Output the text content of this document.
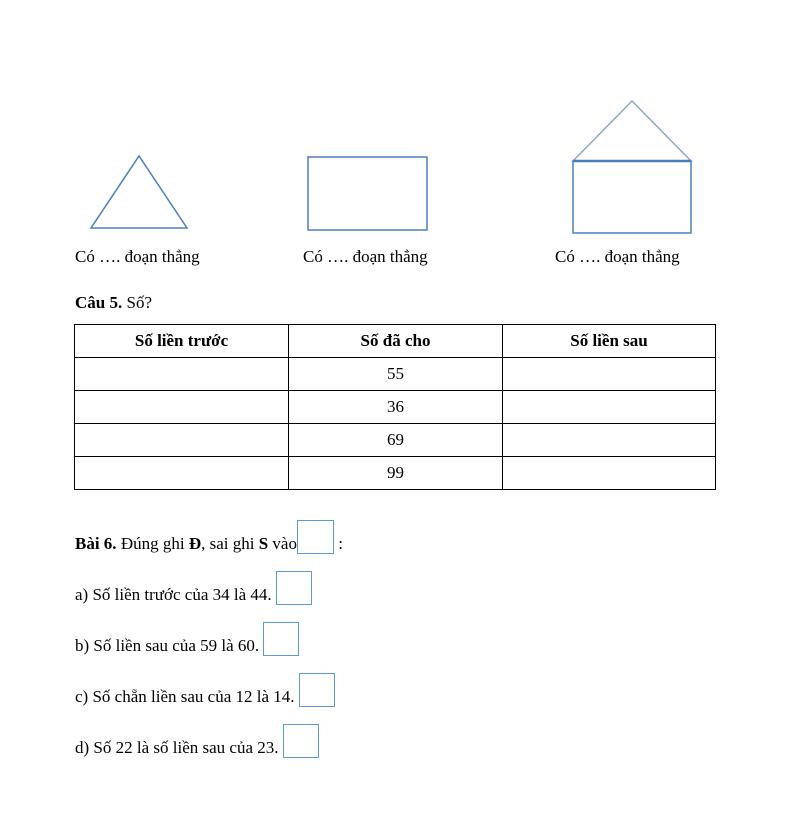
Có …. đoạn thẳng	Có …. đoạn thẳng	Có …. đoạn thẳng
Câu 5. Số?
Số liền trước	Số đã cho	Số liền sau
	55	
	36	
	69	
	99	
Bài 6. Đúng ghi Đ, sai ghi S vào :
a) Số liền trước của 34 là 44.
b) Số liền sau của 59 là 60.
c) Số chẵn liền sau của 12 là 14.
d) Số 22 là số liền sau của 23.
